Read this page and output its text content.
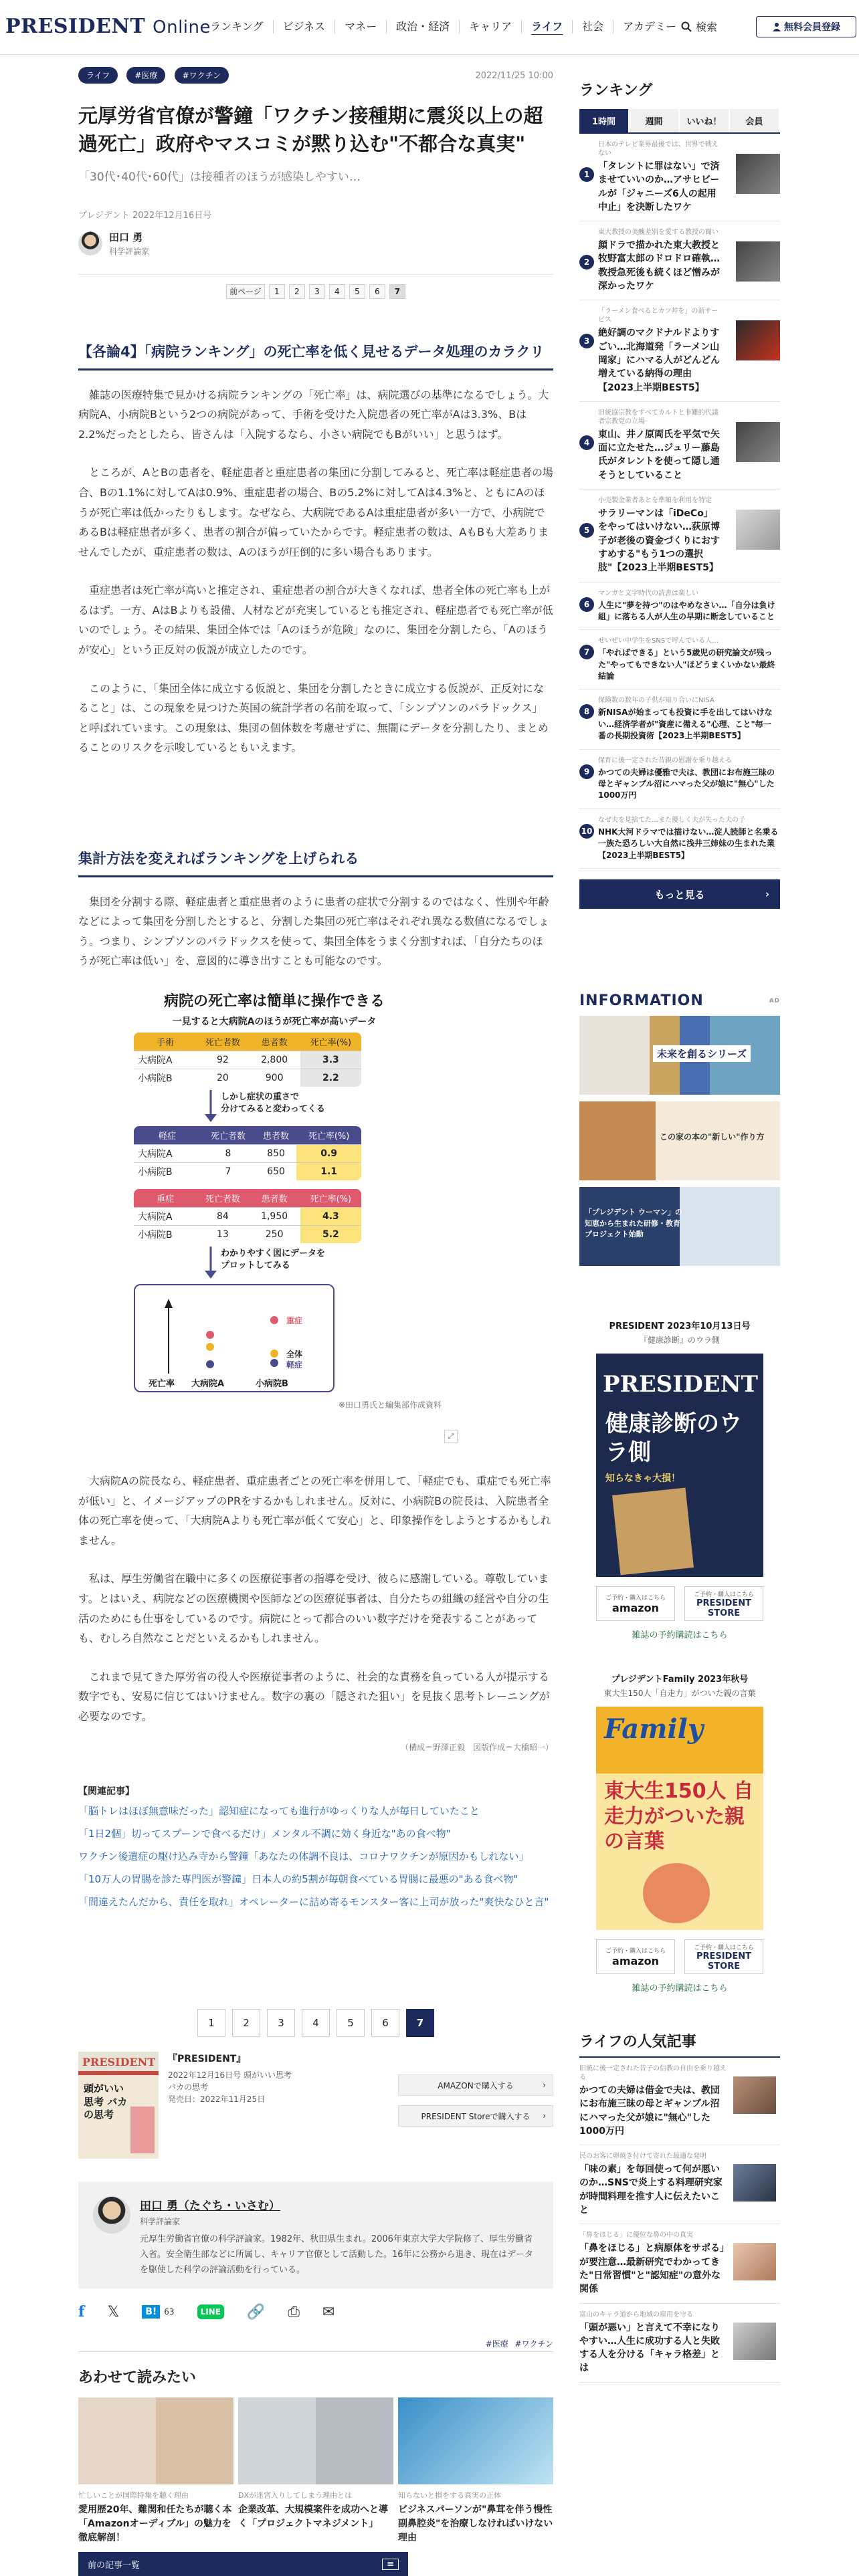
PRESIDENT Online
ランキング	ビジネス	マネー	政治・経済	キャリア	ライフ	社会	アカデミー	検索	無料会員登録
ライフ	#医療	#ワクチン	2022/11/25 10:00
元厚労省官僚が警鐘「ワクチン接種期に震災以上の超過死亡」政府やマスコミが黙り込む"不都合な真実"
「30代･40代･60代」は接種者のほうが感染しやすい…
プレジデント 2022年12月16日号
田口 勇
科学評論家
前ページ	1	2	3	4	5	6	7
【各論4】「病院ランキング」の死亡率を低く見せるデータ処理のカラクリ

雑誌の医療特集で見かける病院ランキングの「死亡率」は、病院選びの基準になるでしょう。大病院A、小病院Bという2つの病院があって、手術を受けた入院患者の死亡率がAは3.3%、Bは2.2%だったとしたら、皆さんは「入院するなら、小さい病院でもBがいい」と思うはず。

ところが、AとBの患者を、軽症患者と重症患者の集団に分割してみると、死亡率は軽症患者の場合、Bの1.1%に対してAは0.9%、重症患者の場合、Bの5.2%に対してAは4.3%と、ともにAのほうが死亡率は低かったりもします。なぜなら、大病院であるAは重症患者が多い一方で、小病院であるBは軽症患者が多く、患者の割合が偏っていたからです。軽症患者の数は、AもBも大差ありませんでしたが、重症患者の数は、Aのほうが圧倒的に多い場合もあります。

重症患者は死亡率が高いと推定され、重症患者の割合が大きくなれば、患者全体の死亡率も上がるはず。一方、AはBよりも設備、人材などが充実しているとも推定され、軽症患者でも死亡率が低いのでしょう。その結果、集団全体では「Aのほうが危険」なのに、集団を分割したら、「Aのほうが安心」という正反対の仮説が成立したのです。

このように、「集団全体に成立する仮説と、集団を分割したときに成立する仮説が、正反対になること」は、この現象を見つけた英国の統計学者の名前を取って、「シンプソンのパラドックス」と呼ばれています。この現象は、集団の個体数を考慮せずに、無闇にデータを分割したり、まとめることのリスクを示唆しているともいえます。

集計方法を変えればランキングを上げられる

集団を分割する際、軽症患者と重症患者のように患者の症状で分割するのではなく、性別や年齢などによって集団を分割したとすると、分割した集団の死亡率はそれぞれ異なる数値になるでしょう。つまり、シンプソンのパラドックスを使って、集団全体をうまく分割すれば、「自分たちのほうが死亡率は低い」を、意図的に導き出すことも可能なのです。

病院の死亡率は簡単に操作できる
一見すると大病院Aのほうが死亡率が高いデータ
手術	死亡者数	患者数	死亡率(%)
大病院A	92	2,800	3.3
小病院B	20	900	2.2
しかし症状の重さで
分けてみると変わってくる
軽症	死亡者数	患者数	死亡率(%)
大病院A	8	850	0.9
小病院B	7	650	1.1
重症	死亡者数	患者数	死亡率(%)
大病院A	84	1,950	4.3
小病院B	13	250	5.2
わかりやすく図にデータを
プロットしてみる
重症
全体
軽症
死亡率 大病院A	小病院B
※田口勇氏と編集部作成資料
⤢

大病院Aの院長なら、軽症患者、重症患者ごとの死亡率を併用して、「軽症でも、重症でも死亡率が低い」と、イメージアップのPRをするかもしれません。反対に、小病院Bの院長は、入院患者全体の死亡率を使って、「大病院Aよりも死亡率が低くて安心」と、印象操作をしようとするかもしれません。

私は、厚生労働省在職中に多くの医療従事者の指導を受け、彼らに感謝している。尊敬しています。とはいえ、病院などの医療機関や医師などの医療従事者は、自分たちの組織の経営や自分の生活のためにも仕事をしているのです。病院にとって都合のいい数字だけを発表することがあっても、むしろ自然なことだといえるかもしれません。

これまで見てきた厚労省の役人や医療従事者のように、社会的な責務を負っている人が提示する数字でも、安易に信じてはいけません。数字の裏の「隠された狙い」を見抜く思考トレーニングが必要なのです。

（構成＝野澤正毅　図版作成＝大橋昭一）
【関連記事】
「脳トレはほぼ無意味だった」認知症になっても進行がゆっくりな人が毎日していたこと
「1日2個」切ってスプーンで食べるだけ」メンタル不調に効く身近な"あの食べ物"
ワクチン後遺症の駆け込み寺から警鐘「あなたの体調不良は、コロナワクチンが原因かもしれない」
「10万人の胃腸を診た専門医が警鐘」日本人の約5割が毎朝食べている胃腸に最悪の"ある食べ物"
「間違えたんだから、責任を取れ」オペレーターに詰め寄るモンスター客に上司が放った"爽快なひと言"
1	2	3	4	5	6	7
PRESIDENT
頭がいい思考 バカの思考
『PRESIDENT』
2022年12月16日号 頭がいい思考 バカの思考
発売日：2022年11月25日
AMAZONで購入する	›
PRESIDENT Storeで購入する ›
田口 勇（たぐち・いさむ）
科学評論家
元厚生労働省官僚の科学評論家。1982年、秋田県生まれ。2006年東京大学大学院修了、厚生労働省入省。安全衛生部などに所属し、キャリア官僚として活動した。16年に公務から退き、現在はデータを駆使した科学の評論活動を行っている。
f 𝕏	B! 63	LINE 🔗 ⎙ ✉
#医療 #ワクチン
あわせて読みたい
忙しいことが国際特集を聴く理由
愛用歴20年、難関和任たちが聴く本「Amazonオーディブル」の魅力を徹底解剖！
DXが迷宮入りしてしまう理由とは
企業改革、大規模案件を成功へと導く「プロジェクトマネジメント」
知らないと損をする真実の正体
ビジネスパーソンが"鼻茸を伴う慢性副鼻腔炎"を治療しなければいけない理由
前の記事一覧	≡
ランキング
1時間	週間	いいね！	会員
1
日本のテレビ業界最後では、世界で戦えない
「タレントに罪はない」で済ませていいのか…アサヒビールが「ジャニーズ6人の起用中止」を決断したワケ
2
東大教授の美醜差別を愛する教授の闘い
顔ドラで描かれた東大教授と牧野富太郎のドロドロ確執…教授急死後も続くほど憎みが深かったワケ
3
「ラーメン食べるとカツ丼を」の新サービス
絶好調のマクドナルドよりすごい…北海道発「ラーメン山岡家」にハマる人がどんどん増えている納得の理由【2023上半期BEST5】
4
旧統協宗教をすべてカルトと非難的代議者宗教党の立場
東山、井ノ原両氏を平気で矢面に立たせた…ジュリー藤島氏がタレントを使って隠し通そうとしていること
5
小売製金業者あとを準額を利用を特定
サラリーマンは「iDeCo」をやってはいけない…荻原博子が老後の資金づくりにおすすめする"もう1つの選択肢"【2023上半期BEST5】
6
マンガと文字時代の読書は楽しい
人生に"夢を持つ"のはやめなさい…「自分は負け組」に落ちる人が人生の早期に断念していること
7
せいぜい中学生をSNSで呼んでいる人…
「やればできる」という5歳児の研究論文が残った"やってもできない人"ほどうまくいかない最終結論
8
保険数の数年の子供が知り合いにNISA
新NISAが始まっても投資に手を出してはいけない…経済学者が"資産に備える"心理、こと"毎一番の長期投資術【2023上半期BEST5】
9
保育に後一定された昔親の慰謝を乗り越える
かつての夫婦は優雅で夫は、教団にお布施三昧の母とギャンブル沼にハマった父が娘に"無心"した1000万円
10
なぜ夫を見捨てた…また優しく夫が失った夫の子
NHK大河ドラマでは描けない…淀人読師と名乗る一族た恐ろしい大自然に浅井三姉妹の生まれた業【2023上半期BEST5】
もっと見る	›
INFORMATION	AD
未来を創るシリーズ
この家の本の"新しい"作り方
「プレジデント ウーマン」の知恵から生まれた研修・教育プロジェクト始動
PRESIDENT 2023年10月13日号
『健康診断』のウラ側
PRESIDENT
健康診断のウラ側
知らなきゃ大損！
ご予約・購入はこちら
amazon
ご予約・購入はこちら
PRESIDENT STORE
雑誌の予約購読はこちら
プレジデントFamily 2023年秋号
東大生150人「自走力」がついた親の言葉
Family
東大生150人 自走力がついた親の言葉
ご予約・購入はこちら
amazon
ご予約・購入はこちら
PRESIDENT STORE
雑誌の予約購読はこちら
ライフの人気記事
旧統に後一定された昔子の信教の自由を乗り越える
かつての夫婦は借金で夫は、教団にお布施三昧の母とギャンブル沼にハマった父が娘に"無心"した1000万円
民のお客に卵焼き付けて寄れた最適な発明
「味の素」を毎回使って何が悪いのか…SNSで炎上する料理研究家が時間料理を推す人に伝えたいこと
「鼻をほじる」に優位な鼻の中の真実
「鼻をほじる」と病原体をサポる」が要注意…最新研究でわかってきた"日常習慣"と"認知症"の意外な関係
富山のキャラ道から地域の雇用を守る
「頭が悪い」と言えて不幸になりやすい…人生に成功する人と失敗する人を分ける「キャラ格差」とは
